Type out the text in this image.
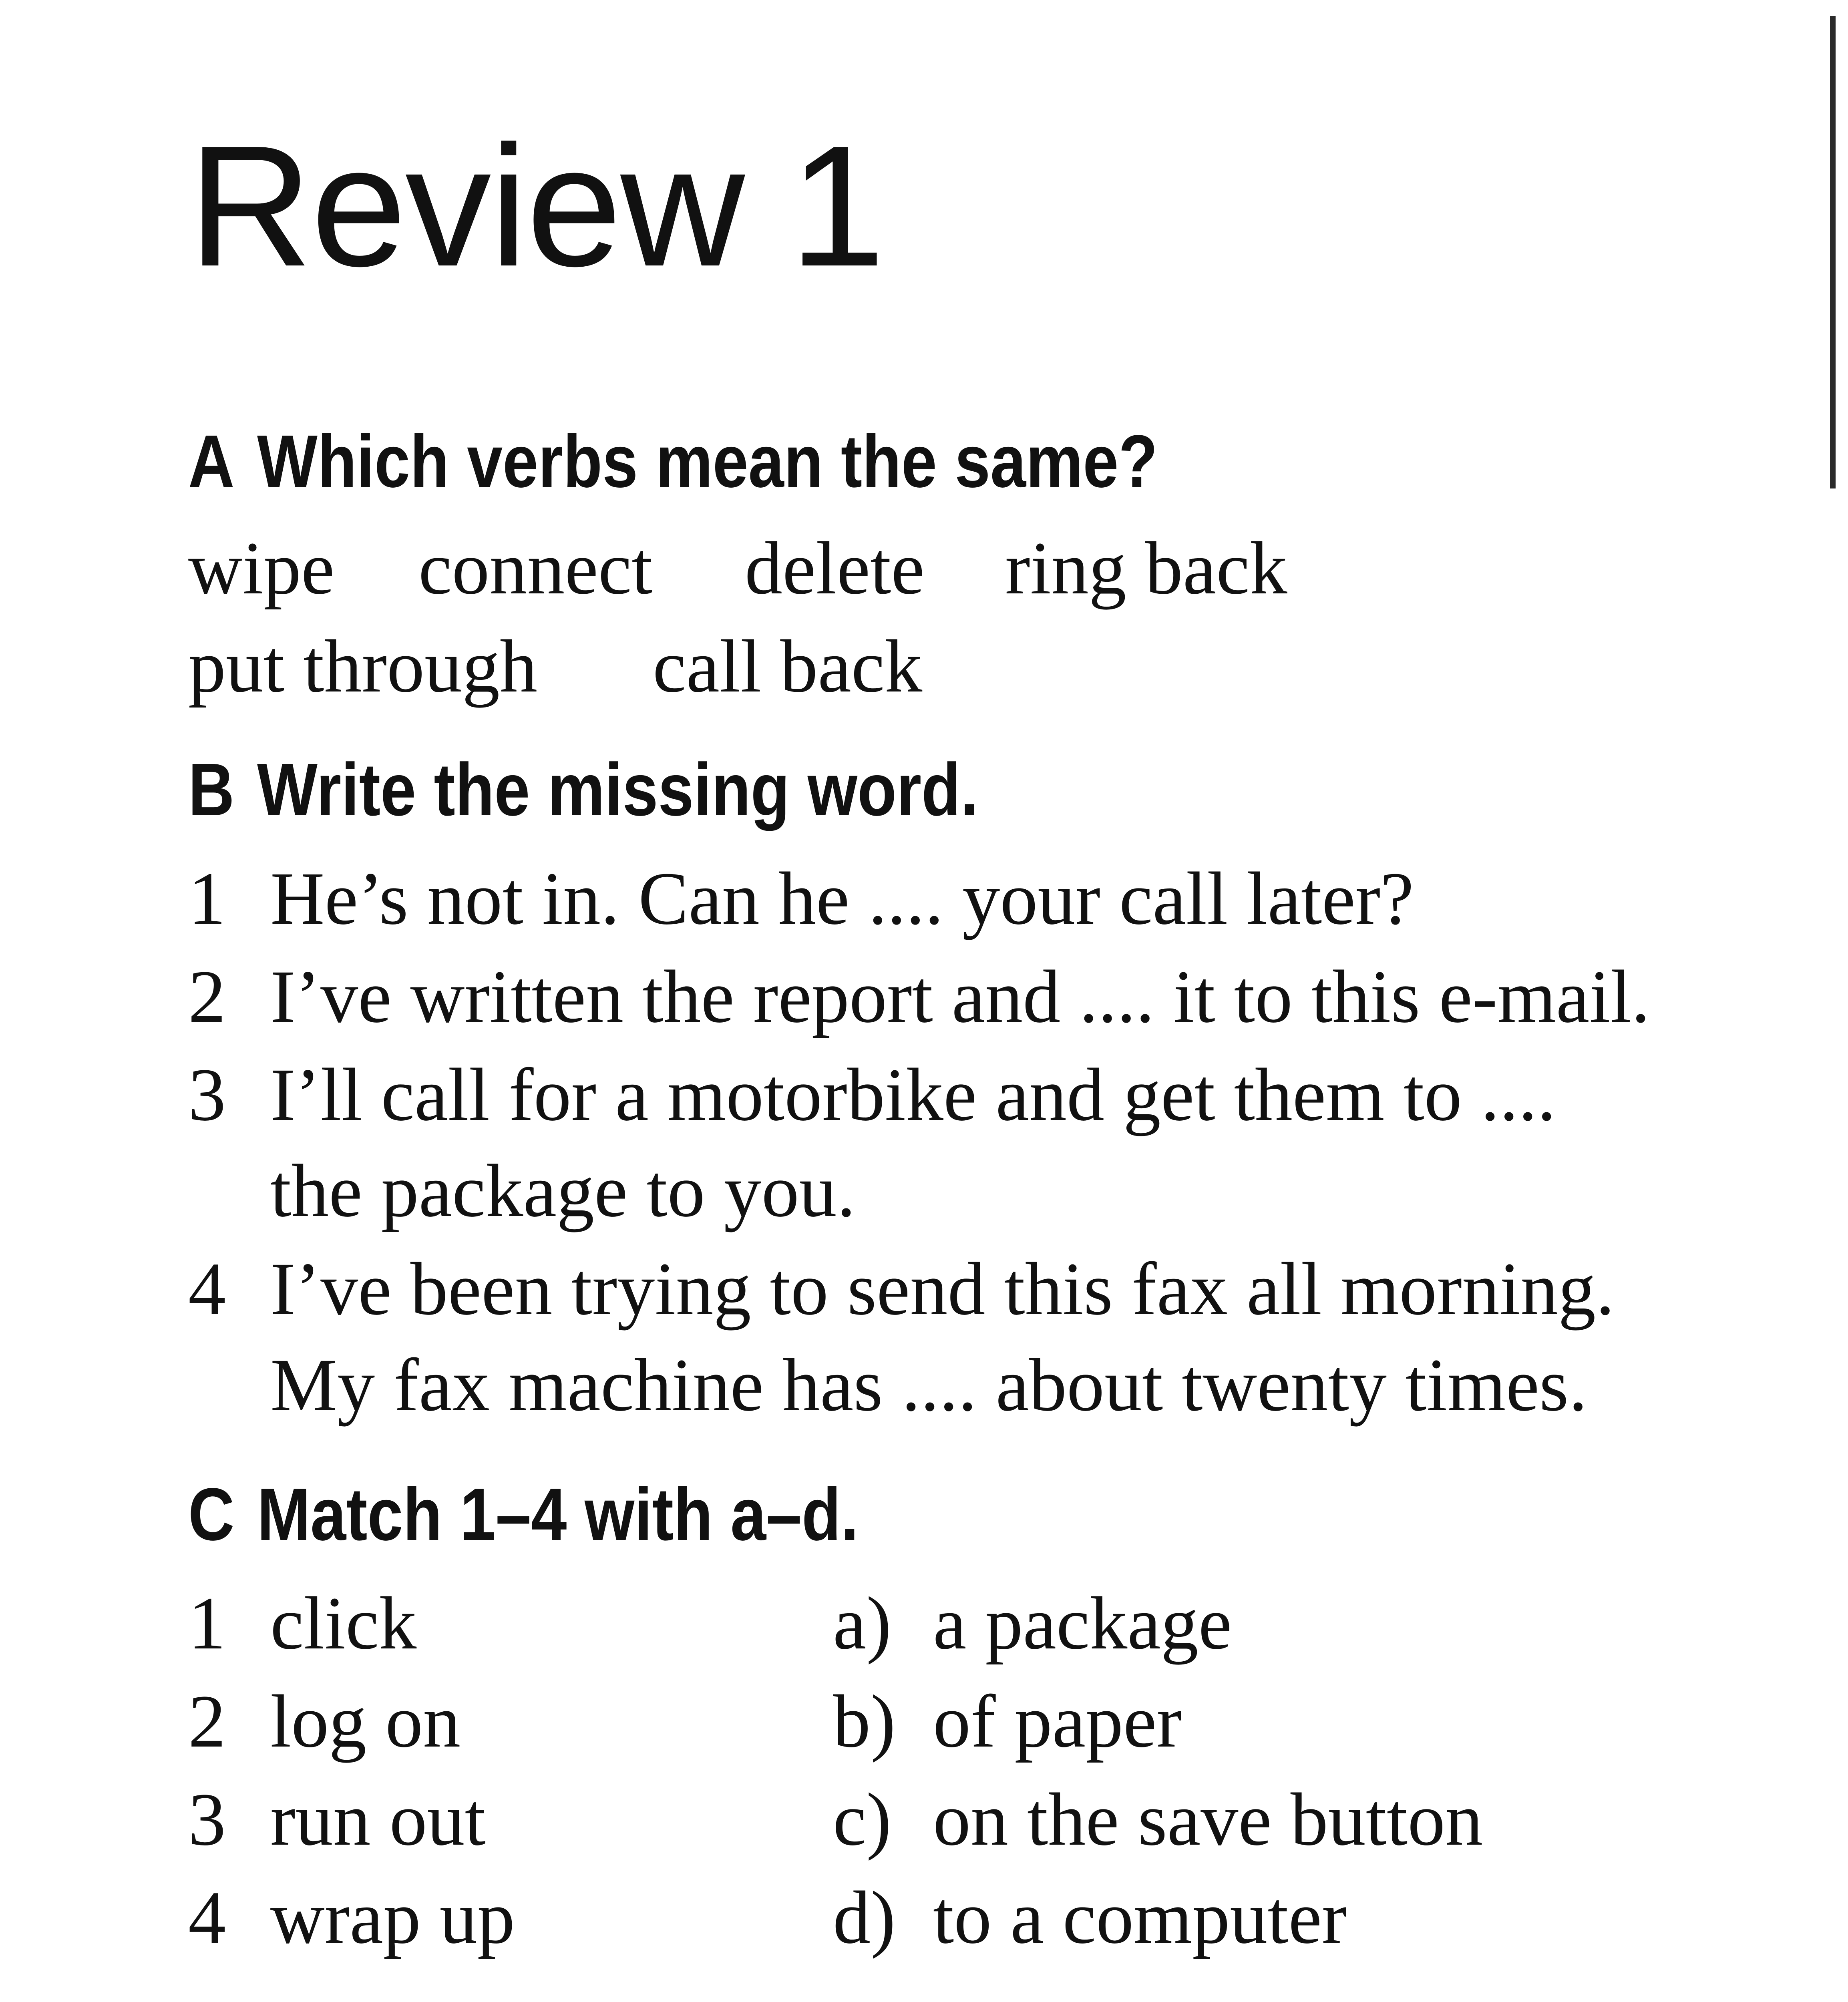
Review 1
A Which verbs mean the same?
wipe connect delete ring back
put through call back
B Write the missing word.
1 He’s not in. Can he .... your call later?
2 I’ve written the report and .... it to this e-mail.
3 I’ll call for a motorbike and get them to ....
the package to you.
4 I’ve been trying to send this fax all morning.
My fax machine has .... about twenty times.
C Match 1–4 with a–d.
1 click	a) a package
2 log on	b) of paper
3 run out	c) on the save button
4 wrap up	d) to a computer
